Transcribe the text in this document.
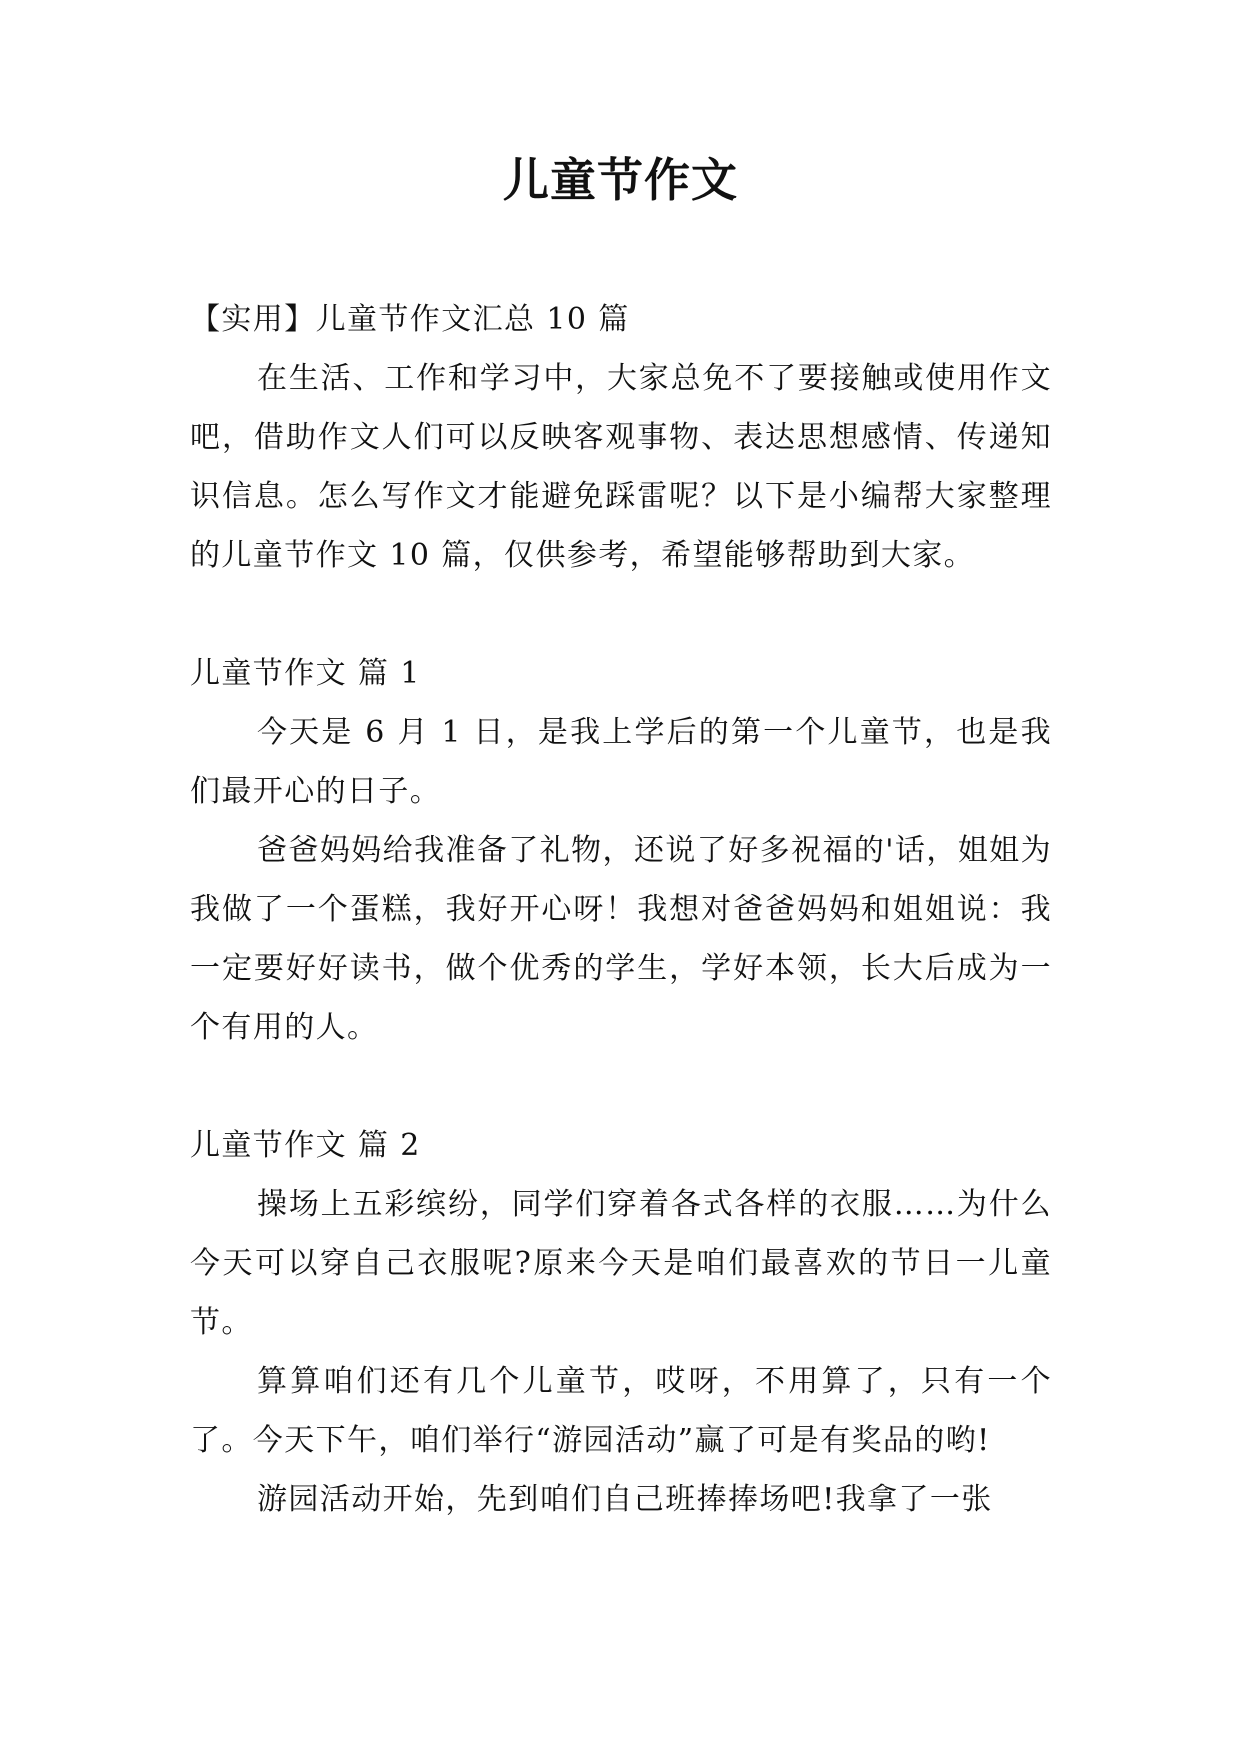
儿童节作文

【实用】儿童节作文汇总 10 篇

在生活、工作和学习中，大家总免不了要接触或使用作文吧，借助作文人们可以反映客观事物、表达思想感情、传递知识信息。怎么写作文才能避免踩雷呢？以下是小编帮大家整理的儿童节作文 10 篇，仅供参考，希望能够帮助到大家。

儿童节作文 篇 1

今天是 6 月 1 日，是我上学后的第一个儿童节，也是我们最开心的日子。

爸爸妈妈给我准备了礼物，还说了好多祝福的'话，姐姐为我做了一个蛋糕，我好开心呀！我想对爸爸妈妈和姐姐说：我一定要好好读书，做个优秀的学生，学好本领，长大后成为一个有用的人。

儿童节作文 篇 2

操场上五彩缤纷，同学们穿着各式各样的衣服……为什么今天可以穿自己衣服呢?原来今天是咱们最喜欢的节日一儿童节。

算算咱们还有几个儿童节，哎呀，不用算了，只有一个了。今天下午，咱们举行“游园活动”赢了可是有奖品的哟!

游园活动开始，先到咱们自己班捧捧场吧!我拿了一张
